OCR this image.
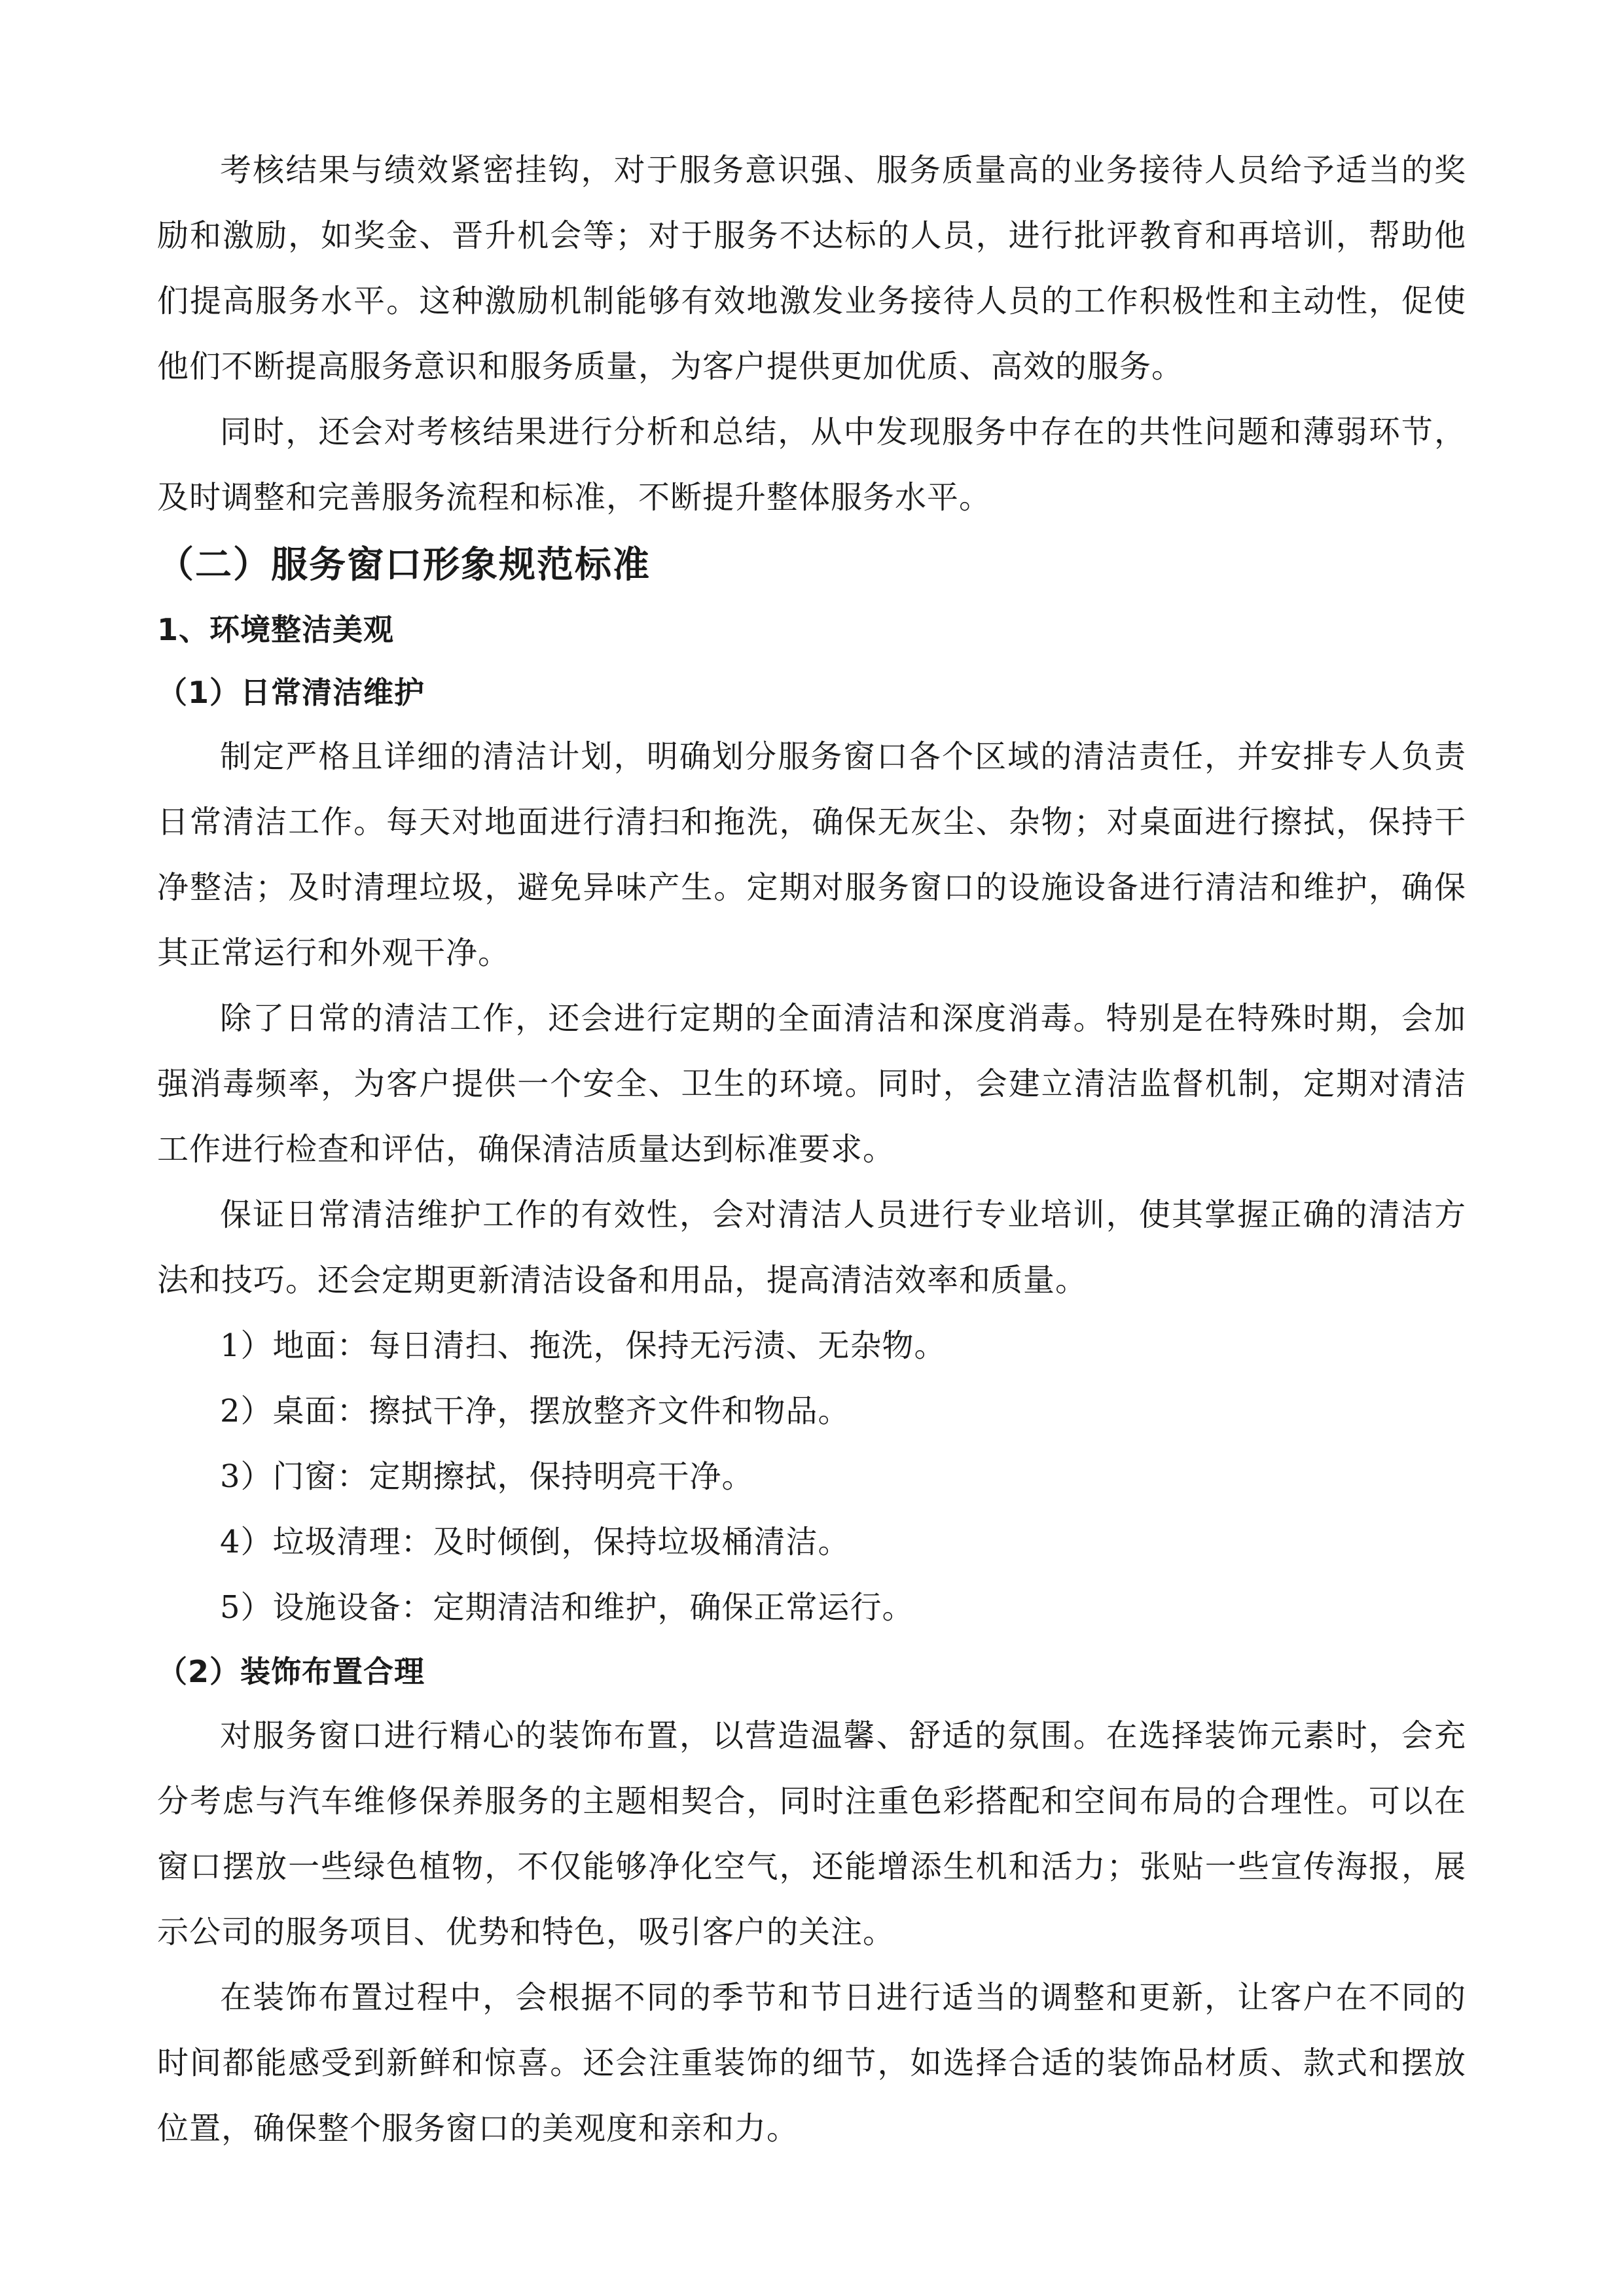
考核结果与绩效紧密挂钩，对于服务意识强、服务质量高的业务接待人员给予适当的奖励和激励，如奖金、晋升机会等；对于服务不达标的人员，进行批评教育和再培训，帮助他们提高服务水平。这种激励机制能够有效地激发业务接待人员的工作积极性和主动性，促使他们不断提高服务意识和服务质量，为客户提供更加优质、高效的服务。

同时，还会对考核结果进行分析和总结，从中发现服务中存在的共性问题和薄弱环节，及时调整和完善服务流程和标准，不断提升整体服务水平。

（二）服务窗口形象规范标准
1、环境整洁美观
（1）日常清洁维护

制定严格且详细的清洁计划，明确划分服务窗口各个区域的清洁责任，并安排专人负责日常清洁工作。每天对地面进行清扫和拖洗，确保无灰尘、杂物；对桌面进行擦拭，保持干净整洁；及时清理垃圾，避免异味产生。定期对服务窗口的设施设备进行清洁和维护，确保其正常运行和外观干净。

除了日常的清洁工作，还会进行定期的全面清洁和深度消毒。特别是在特殊时期，会加强消毒频率，为客户提供一个安全、卫生的环境。同时，会建立清洁监督机制，定期对清洁工作进行检查和评估，确保清洁质量达到标准要求。

保证日常清洁维护工作的有效性，会对清洁人员进行专业培训，使其掌握正确的清洁方法和技巧。还会定期更新清洁设备和用品，提高清洁效率和质量。

1）地面：每日清扫、拖洗，保持无污渍、无杂物。

2）桌面：擦拭干净，摆放整齐文件和物品。

3）门窗：定期擦拭，保持明亮干净。

4）垃圾清理：及时倾倒，保持垃圾桶清洁。

5）设施设备：定期清洁和维护，确保正常运行。

（2）装饰布置合理

对服务窗口进行精心的装饰布置，以营造温馨、舒适的氛围。在选择装饰元素时，会充分考虑与汽车维修保养服务的主题相契合，同时注重色彩搭配和空间布局的合理性。可以在窗口摆放一些绿色植物，不仅能够净化空气，还能增添生机和活力；张贴一些宣传海报，展示公司的服务项目、优势和特色，吸引客户的关注。

在装饰布置过程中，会根据不同的季节和节日进行适当的调整和更新，让客户在不同的时间都能感受到新鲜和惊喜。还会注重装饰的细节，如选择合适的装饰品材质、款式和摆放位置，确保整个服务窗口的美观度和亲和力。
